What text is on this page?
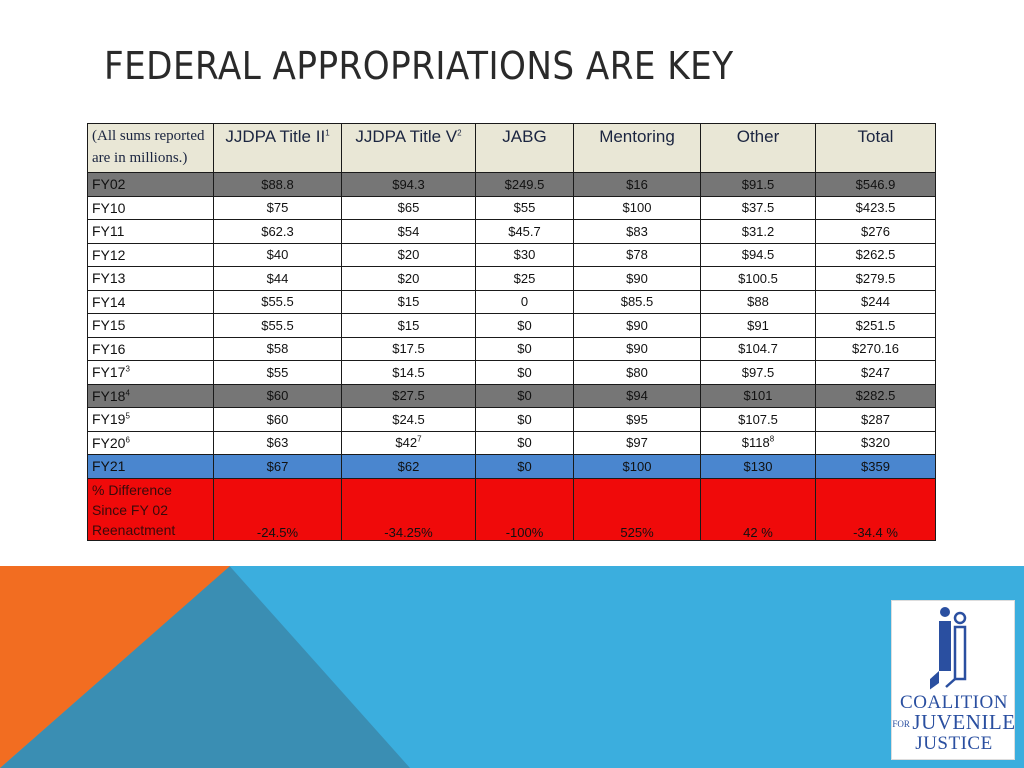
FEDERAL APPROPRIATIONS ARE KEY
(All sums reported are in millions.)	JJDPA Title $II^1$	JJDPA Title $V^2$	JABG	Mentoring	Other	Total
FY02	$88.8	$94.3	$249.5	$16	$91.5	$546.9
FY10	$75	$65	$55	$100	$37.5	$423.5
FY11	$62.3	$54	$45.7	$83	$31.2	$276
FY12	$40	$20	$30	$78	$94.5	$262.5
FY13	$44	$20	$25	$90	$100.5	$279.5
FY14	$55.5	$15	0	$85.5	$88	$244
FY15	$55.5	$15	$0	$90	$91	$251.5
FY16	$58	$17.5	$0	$90	$104.7	$270.16
$FY17^3$	$55	$14.5	$0	$80	$97.5	$247
$FY18^4$	$60	$27.5	$0	$94	$101	$282.5
$FY19^5$	$60	$24.5	$0	$95	$107.5	$287
$FY20^6$	$63	$\$42^7$	$0	$97	$\$118^8$	$320
FY21	$67	$62	$0	$100	$130	$359
% Difference Since FY 02 Reenactment	-24.5%	-34.25%	-100%	525%	42 %	-34.4 %
COALITION
FOR JUVENILE
JUSTICE
